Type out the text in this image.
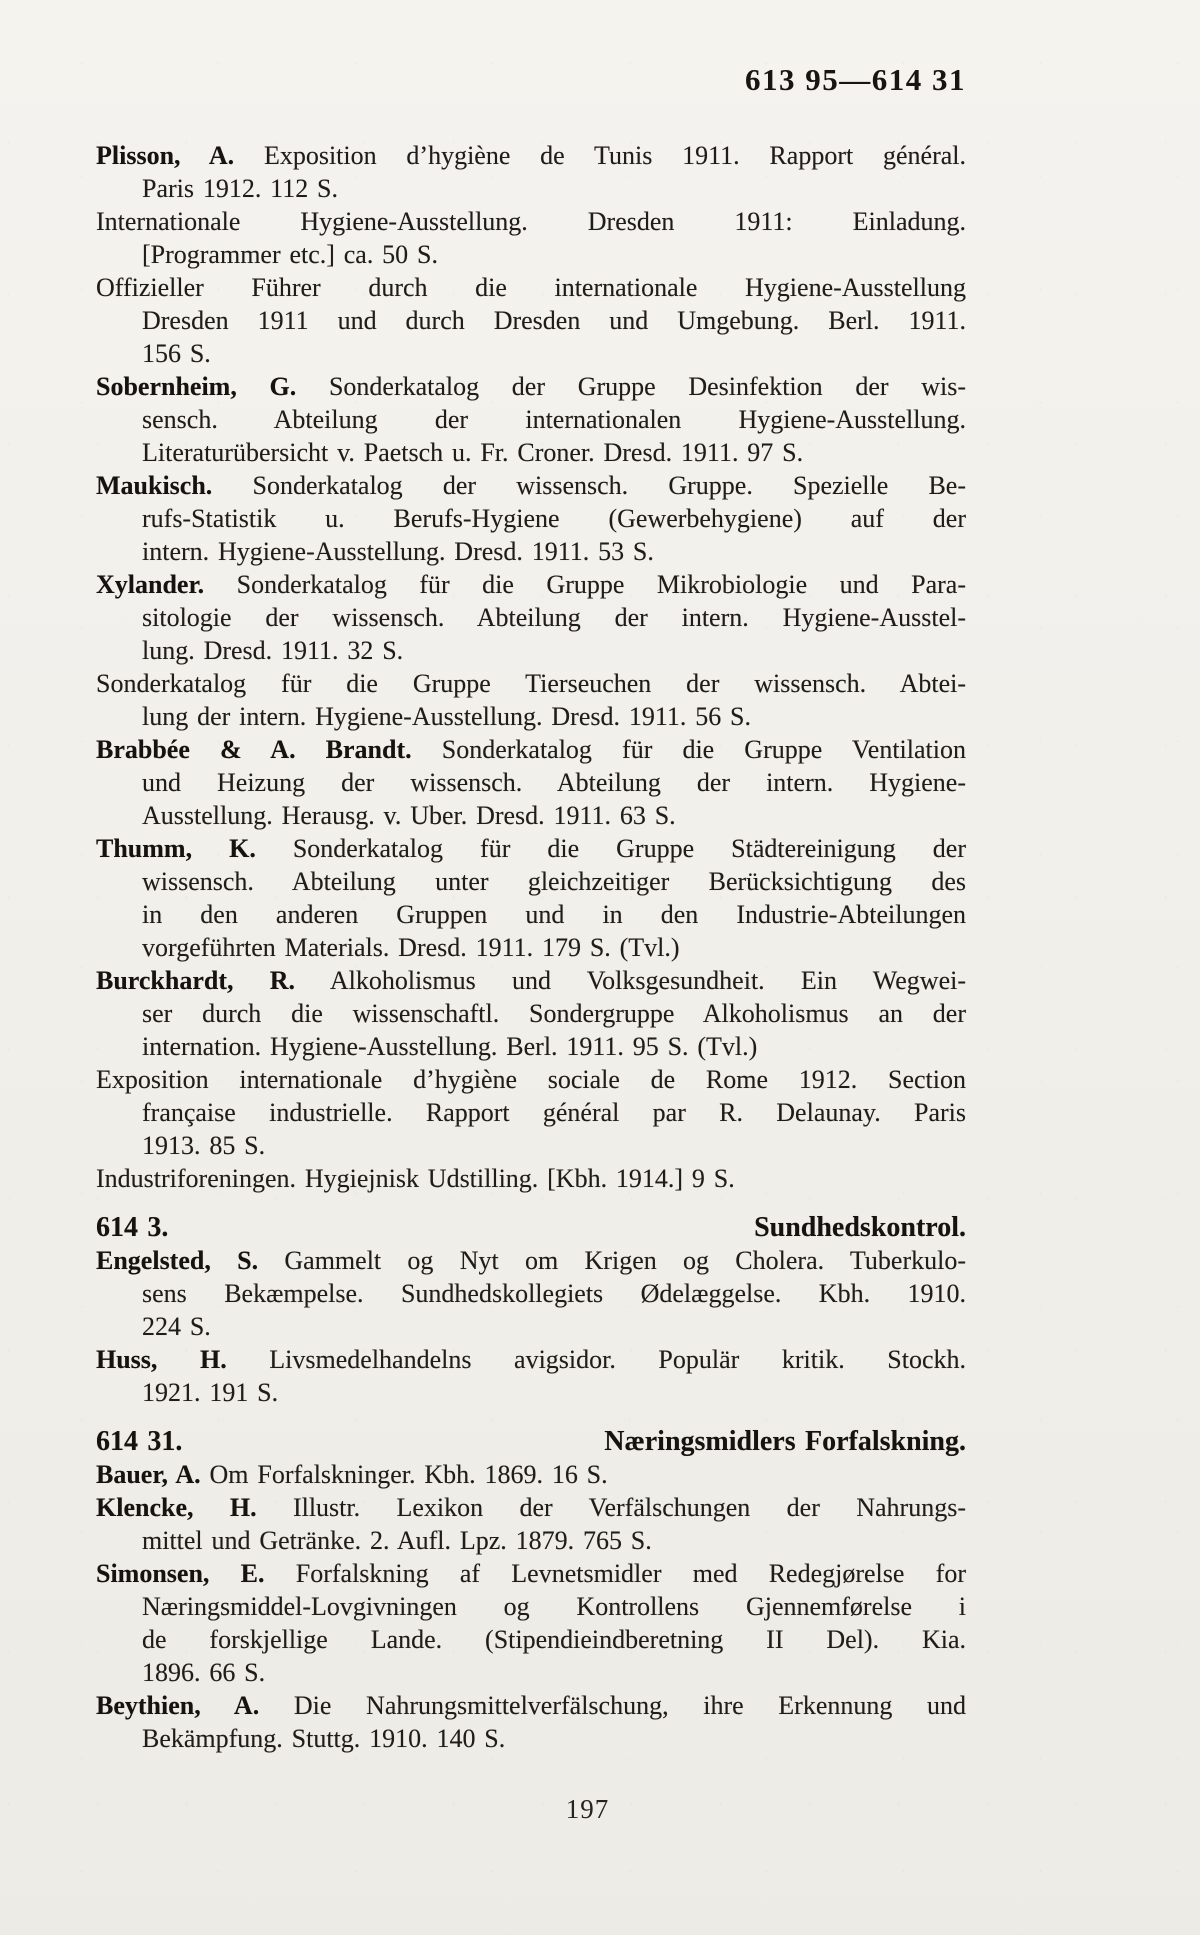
613 95—614 31
Plisson, A. Exposition d’hygiène de Tunis 1911. Rapport général.
Paris 1912. 112 S.
Internationale Hygiene-Ausstellung. Dresden 1911: Einladung.
[Programmer etc.] ca. 50 S.
Offizieller Führer durch die internationale Hygiene-Ausstellung
Dresden 1911 und durch Dresden und Umgebung. Berl. 1911.
156 S.
Sobernheim, G. Sonderkatalog der Gruppe Desinfektion der wis-
sensch. Abteilung der internationalen Hygiene-Ausstellung.
Literaturübersicht v. Paetsch u. Fr. Croner. Dresd. 1911. 97 S.
Maukisch. Sonderkatalog der wissensch. Gruppe. Spezielle Be-
rufs-Statistik u. Berufs-Hygiene (Gewerbehygiene) auf der
intern. Hygiene-Ausstellung. Dresd. 1911. 53 S.
Xylander. Sonderkatalog für die Gruppe Mikrobiologie und Para-
sitologie der wissensch. Abteilung der intern. Hygiene-Ausstel-
lung. Dresd. 1911. 32 S.
Sonderkatalog für die Gruppe Tierseuchen der wissensch. Abtei-
lung der intern. Hygiene-Ausstellung. Dresd. 1911. 56 S.
Brabbée & A. Brandt. Sonderkatalog für die Gruppe Ventilation
und Heizung der wissensch. Abteilung der intern. Hygiene-
Ausstellung. Herausg. v. Uber. Dresd. 1911. 63 S.
Thumm, K. Sonderkatalog für die Gruppe Städtereinigung der
wissensch. Abteilung unter gleichzeitiger Berücksichtigung des
in den anderen Gruppen und in den Industrie-Abteilungen
vorgeführten Materials. Dresd. 1911. 179 S. (Tvl.)
Burckhardt, R. Alkoholismus und Volksgesundheit. Ein Wegwei-
ser durch die wissenschaftl. Sondergruppe Alkoholismus an der
internation. Hygiene-Ausstellung. Berl. 1911. 95 S. (Tvl.)
Exposition internationale d’hygiène sociale de Rome 1912. Section
française industrielle. Rapport général par R. Delaunay. Paris
1913. 85 S.
Industriforeningen. Hygiejnisk Udstilling. [Kbh. 1914.] 9 S.
614 3.	Sundhedskontrol.
Engelsted, S. Gammelt og Nyt om Krigen og Cholera. Tuberkulo-
sens Bekæmpelse. Sundhedskollegiets Ødelæggelse. Kbh. 1910.
224 S.
Huss, H. Livsmedelhandelns avigsidor. Populär kritik. Stockh.
1921. 191 S.
614 31.	Næringsmidlers Forfalskning.
Bauer, A. Om Forfalskninger. Kbh. 1869. 16 S.
Klencke, H. Illustr. Lexikon der Verfälschungen der Nahrungs-
mittel und Getränke. 2. Aufl. Lpz. 1879. 765 S.
Simonsen, E. Forfalskning af Levnetsmidler med Redegjørelse for
Næringsmiddel-Lovgivningen og Kontrollens Gjennemførelse i
de forskjellige Lande. (Stipendieindberetning II Del). Kia.
1896. 66 S.
Beythien, A. Die Nahrungsmittelverfälschung, ihre Erkennung und
Bekämpfung. Stuttg. 1910. 140 S.
197
